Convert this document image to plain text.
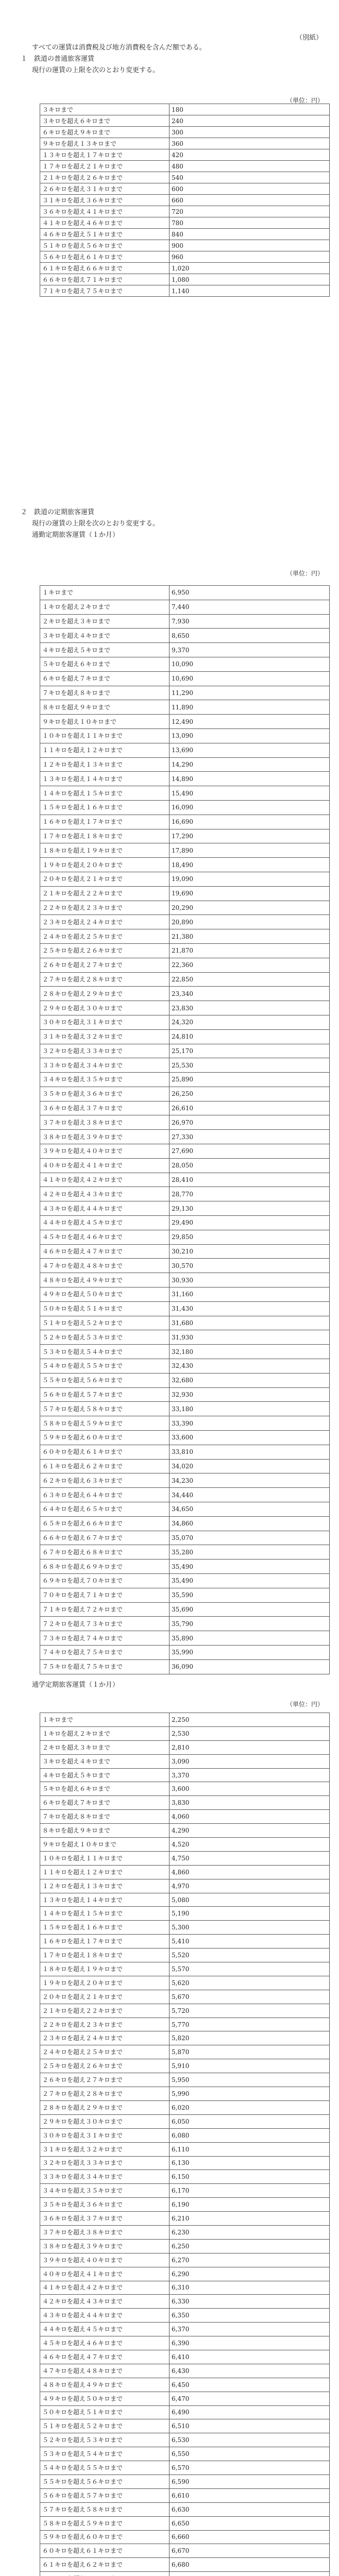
（別紙）
すべての運賃は消費税及び地方消費税を含んだ額である。
１　鉄道の普通旅客運賃
現行の運賃の上限を次のとおり変更する。
（単位：円）
３キロまで	180
３キロを超え６キロまで	240
６キロを超え９キロまで	300
９キロを超え１３キロまで	360
１３キロを超え１７キロまで	420
１７キロを超え２１キロまで	480
２１キロを超え２６キロまで	540
２６キロを超え３１キロまで	600
３１キロを超え３６キロまで	660
３６キロを超え４１キロまで	720
４１キロを超え４６キロまで	780
４６キロを超え５１キロまで	840
５１キロを超え５６キロまで	900
５６キロを超え６１キロまで	960
６１キロを超え６６キロまで	1,020
６６キロを超え７１キロまで	1,080
７１キロを超え７５キロまで	1,140
２　鉄道の定期旅客運賃
現行の運賃の上限を次のとおり変更する。
通勤定期旅客運賃（１か月）
（単位：円）
１キロまで	6,950
１キロを超え２キロまで	7,440
２キロを超え３キロまで	7,930
３キロを超え４キロまで	8,650
４キロを超え５キロまで	9,370
５キロを超え６キロまで	10,090
６キロを超え７キロまで	10,690
７キロを超え８キロまで	11,290
８キロを超え９キロまで	11,890
９キロを超え１０キロまで	12,490
１０キロを超え１１キロまで	13,090
１１キロを超え１２キロまで	13,690
１２キロを超え１３キロまで	14,290
１３キロを超え１４キロまで	14,890
１４キロを超え１５キロまで	15,490
１５キロを超え１６キロまで	16,090
１６キロを超え１７キロまで	16,690
１７キロを超え１８キロまで	17,290
１８キロを超え１９キロまで	17,890
１９キロを超え２０キロまで	18,490
２０キロを超え２１キロまで	19,090
２１キロを超え２２キロまで	19,690
２２キロを超え２３キロまで	20,290
２３キロを超え２４キロまで	20,890
２４キロを超え２５キロまで	21,380
２５キロを超え２６キロまで	21,870
２６キロを超え２７キロまで	22,360
２７キロを超え２８キロまで	22,850
２８キロを超え２９キロまで	23,340
２９キロを超え３０キロまで	23,830
３０キロを超え３１キロまで	24,320
３１キロを超え３２キロまで	24,810
３２キロを超え３３キロまで	25,170
３３キロを超え３４キロまで	25,530
３４キロを超え３５キロまで	25,890
３５キロを超え３６キロまで	26,250
３６キロを超え３７キロまで	26,610
３７キロを超え３８キロまで	26,970
３８キロを超え３９キロまで	27,330
３９キロを超え４０キロまで	27,690
４０キロを超え４１キロまで	28,050
４１キロを超え４２キロまで	28,410
４２キロを超え４３キロまで	28,770
４３キロを超え４４キロまで	29,130
４４キロを超え４５キロまで	29,490
４５キロを超え４６キロまで	29,850
４６キロを超え４７キロまで	30,210
４７キロを超え４８キロまで	30,570
４８キロを超え４９キロまで	30,930
４９キロを超え５０キロまで	31,160
５０キロを超え５１キロまで	31,430
５１キロを超え５２キロまで	31,680
５２キロを超え５３キロまで	31,930
５３キロを超え５４キロまで	32,180
５４キロを超え５５キロまで	32,430
５５キロを超え５６キロまで	32,680
５６キロを超え５７キロまで	32,930
５７キロを超え５８キロまで	33,180
５８キロを超え５９キロまで	33,390
５９キロを超え６０キロまで	33,600
６０キロを超え６１キロまで	33,810
６１キロを超え６２キロまで	34,020
６２キロを超え６３キロまで	34,230
６３キロを超え６４キロまで	34,440
６４キロを超え６５キロまで	34,650
６５キロを超え６６キロまで	34,860
６６キロを超え６７キロまで	35,070
６７キロを超え６８キロまで	35,280
６８キロを超え６９キロまで	35,490
６９キロを超え７０キロまで	35,490
７０キロを超え７１キロまで	35,590
７１キロを超え７２キロまで	35,690
７２キロを超え７３キロまで	35,790
７３キロを超え７４キロまで	35,890
７４キロを超え７５キロまで	35,990
７５キロを超え７５キロまで	36,090
通学定期旅客運賃（１か月）
（単位：円）
１キロまで	2,250
１キロを超え２キロまで	2,530
２キロを超え３キロまで	2,810
３キロを超え４キロまで	3,090
４キロを超え５キロまで	3,370
５キロを超え６キロまで	3,600
６キロを超え７キロまで	3,830
７キロを超え８キロまで	4,060
８キロを超え９キロまで	4,290
９キロを超え１０キロまで	4,520
１０キロを超え１１キロまで	4,750
１１キロを超え１２キロまで	4,860
１２キロを超え１３キロまで	4,970
１３キロを超え１４キロまで	5,080
１４キロを超え１５キロまで	5,190
１５キロを超え１６キロまで	5,300
１６キロを超え１７キロまで	5,410
１７キロを超え１８キロまで	5,520
１８キロを超え１９キロまで	5,570
１９キロを超え２０キロまで	5,620
２０キロを超え２１キロまで	5,670
２１キロを超え２２キロまで	5,720
２２キロを超え２３キロまで	5,770
２３キロを超え２４キロまで	5,820
２４キロを超え２５キロまで	5,870
２５キロを超え２６キロまで	5,910
２６キロを超え２７キロまで	5,950
２７キロを超え２８キロまで	5,990
２８キロを超え２９キロまで	6,020
２９キロを超え３０キロまで	6,050
３０キロを超え３１キロまで	6,080
３１キロを超え３２キロまで	6,110
３２キロを超え３３キロまで	6,130
３３キロを超え３４キロまで	6,150
３４キロを超え３５キロまで	6,170
３５キロを超え３６キロまで	6,190
３６キロを超え３７キロまで	6,210
３７キロを超え３８キロまで	6,230
３８キロを超え３９キロまで	6,250
３９キロを超え４０キロまで	6,270
４０キロを超え４１キロまで	6,290
４１キロを超え４２キロまで	6,310
４２キロを超え４３キロまで	6,330
４３キロを超え４４キロまで	6,350
４４キロを超え４５キロまで	6,370
４５キロを超え４６キロまで	6,390
４６キロを超え４７キロまで	6,410
４７キロを超え４８キロまで	6,430
４８キロを超え４９キロまで	6,450
４９キロを超え５０キロまで	6,470
５０キロを超え５１キロまで	6,490
５１キロを超え５２キロまで	6,510
５２キロを超え５３キロまで	6,530
５３キロを超え５４キロまで	6,550
５４キロを超え５５キロまで	6,570
５５キロを超え５６キロまで	6,590
５６キロを超え５７キロまで	6,610
５７キロを超え５８キロまで	6,630
５８キロを超え５９キロまで	6,650
５９キロを超え６０キロまで	6,660
６０キロを超え６１キロまで	6,670
６１キロを超え６２キロまで	6,680
